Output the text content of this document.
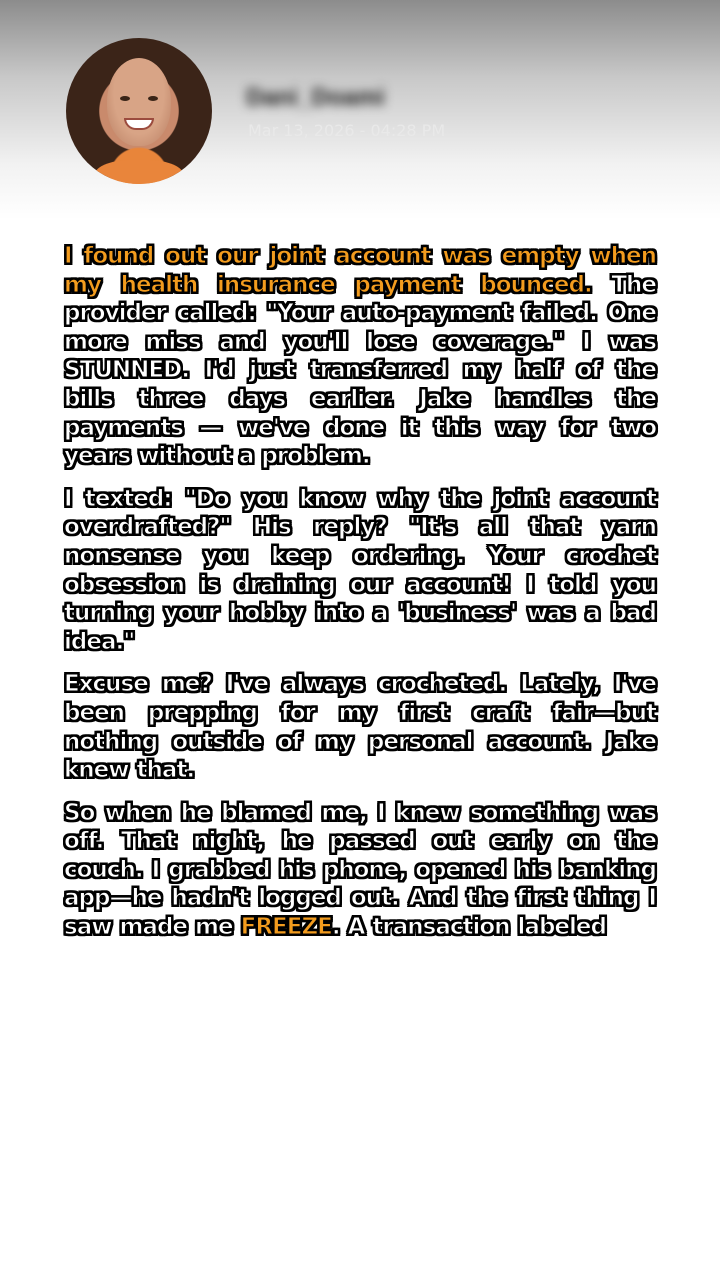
Dani_Doami
Mar 13, 2026 - 04:28 PM

I found out our joint account was empty when my health insurance payment bounced. The provider called: "Your auto-payment failed. One more miss and you'll lose coverage." I was STUNNED. I'd just transferred my half of the bills three days earlier. Jake handles the payments — we've done it this way for two years without a problem.

I texted: "Do you know why the joint account overdrafted?" His reply? "It's all that yarn nonsense you keep ordering. Your crochet obsession is draining our account! I told you turning your hobby into a 'business' was a bad idea."

Excuse me? I've always crocheted. Lately, I've been prepping for my first craft fair—but nothing outside of my personal account. Jake knew that.

So when he blamed me, I knew something was off. That night, he passed out early on the couch. I grabbed his phone, opened his banking app—he hadn't logged out. And the first thing I saw made me FREEZE. A transaction labeled
